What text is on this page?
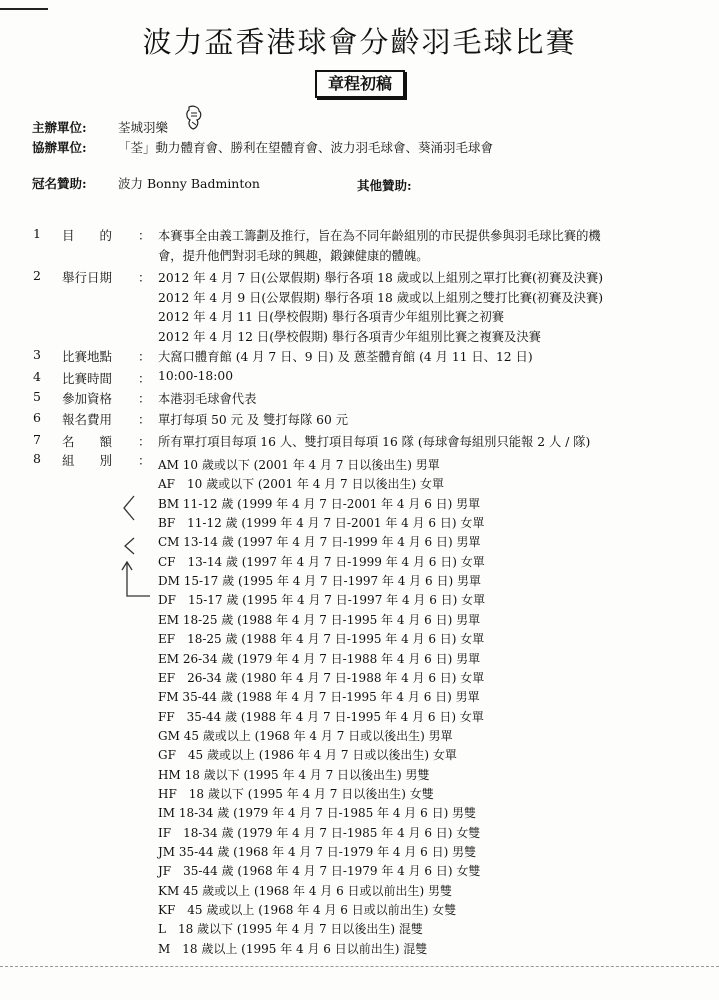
波力盃香港球會分齡羽毛球比賽
章程初稿
主辦單位:	荃城羽樂
協辦單位:	「荃」動力體育會、勝利在望體育會、波力羽毛球會、葵涌羽毛球會
冠名贊助:	波力 Bonny Badminton	其他贊助:
1 目　　的 ： 本賽事全由義工籌劃及推行，旨在為不同年齡組別的市民提供參與羽毛球比賽的機
會，提升他們對羽毛球的興趣，鍛鍊健康的體魄。
2 舉行日期 ： 2012 年 4 月 7 日(公眾假期) 舉行各項 18 歲或以上組別之單打比賽(初賽及決賽)
2012 年 4 月 9 日(公眾假期) 舉行各項 18 歲或以上組別之雙打比賽(初賽及決賽)
2012 年 4 月 11 日(學校假期) 舉行各項青少年組別比賽之初賽
2012 年 4 月 12 日(學校假期) 舉行各項青少年組別比賽之複賽及決賽
3 比賽地點 ： 大窩口體育館 (4 月 7 日、9 日) 及 蒽荃體育館 (4 月 11 日、12 日)
4 比賽時間 ： 10:00-18:00
5 參加資格 ： 本港羽毛球會代表
6 報名費用 ： 單打每項 50 元 及 雙打每隊 60 元
7 名　　額 ： 所有單打項目每項 16 人、雙打項目每項 16 隊 (每球會每組別只能報 2 人 / 隊)
8 組　　別 ： AM 10 歲或以下 (2001 年 4 月 7 日以後出生) 男單
AF　10 歲或以下 (2001 年 4 月 7 日以後出生) 女單
BM 11-12 歲 (1999 年 4 月 7 日-2001 年 4 月 6 日) 男單
BF　11-12 歲 (1999 年 4 月 7 日-2001 年 4 月 6 日) 女單
CM 13-14 歲 (1997 年 4 月 7 日-1999 年 4 月 6 日) 男單
CF　13-14 歲 (1997 年 4 月 7 日-1999 年 4 月 6 日) 女單
DM 15-17 歲 (1995 年 4 月 7 日-1997 年 4 月 6 日) 男單
DF　15-17 歲 (1995 年 4 月 7 日-1997 年 4 月 6 日) 女單
EM 18-25 歲 (1988 年 4 月 7 日-1995 年 4 月 6 日) 男單
EF　18-25 歲 (1988 年 4 月 7 日-1995 年 4 月 6 日) 女單
EM 26-34 歲 (1979 年 4 月 7 日-1988 年 4 月 6 日) 男單
EF　26-34 歲 (1980 年 4 月 7 日-1988 年 4 月 6 日) 女單
FM 35-44 歲 (1988 年 4 月 7 日-1995 年 4 月 6 日) 男單
FF　35-44 歲 (1988 年 4 月 7 日-1995 年 4 月 6 日) 女單
GM 45 歲或以上 (1968 年 4 月 7 日或以後出生) 男單
GF　45 歲或以上 (1986 年 4 月 7 日或以後出生) 女單
HM 18 歲以下 (1995 年 4 月 7 日以後出生) 男雙
HF　18 歲以下 (1995 年 4 月 7 日以後出生) 女雙
IM 18-34 歲 (1979 年 4 月 7 日-1985 年 4 月 6 日) 男雙
IF　18-34 歲 (1979 年 4 月 7 日-1985 年 4 月 6 日) 女雙
JM 35-44 歲 (1968 年 4 月 7 日-1979 年 4 月 6 日) 男雙
JF　35-44 歲 (1968 年 4 月 7 日-1979 年 4 月 6 日) 女雙
KM 45 歲或以上 (1968 年 4 月 6 日或以前出生) 男雙
KF　45 歲或以上 (1968 年 4 月 6 日或以前出生) 女雙
L　18 歲以下 (1995 年 4 月 7 日以後出生) 混雙
M　18 歲以上 (1995 年 4 月 6 日以前出生) 混雙
